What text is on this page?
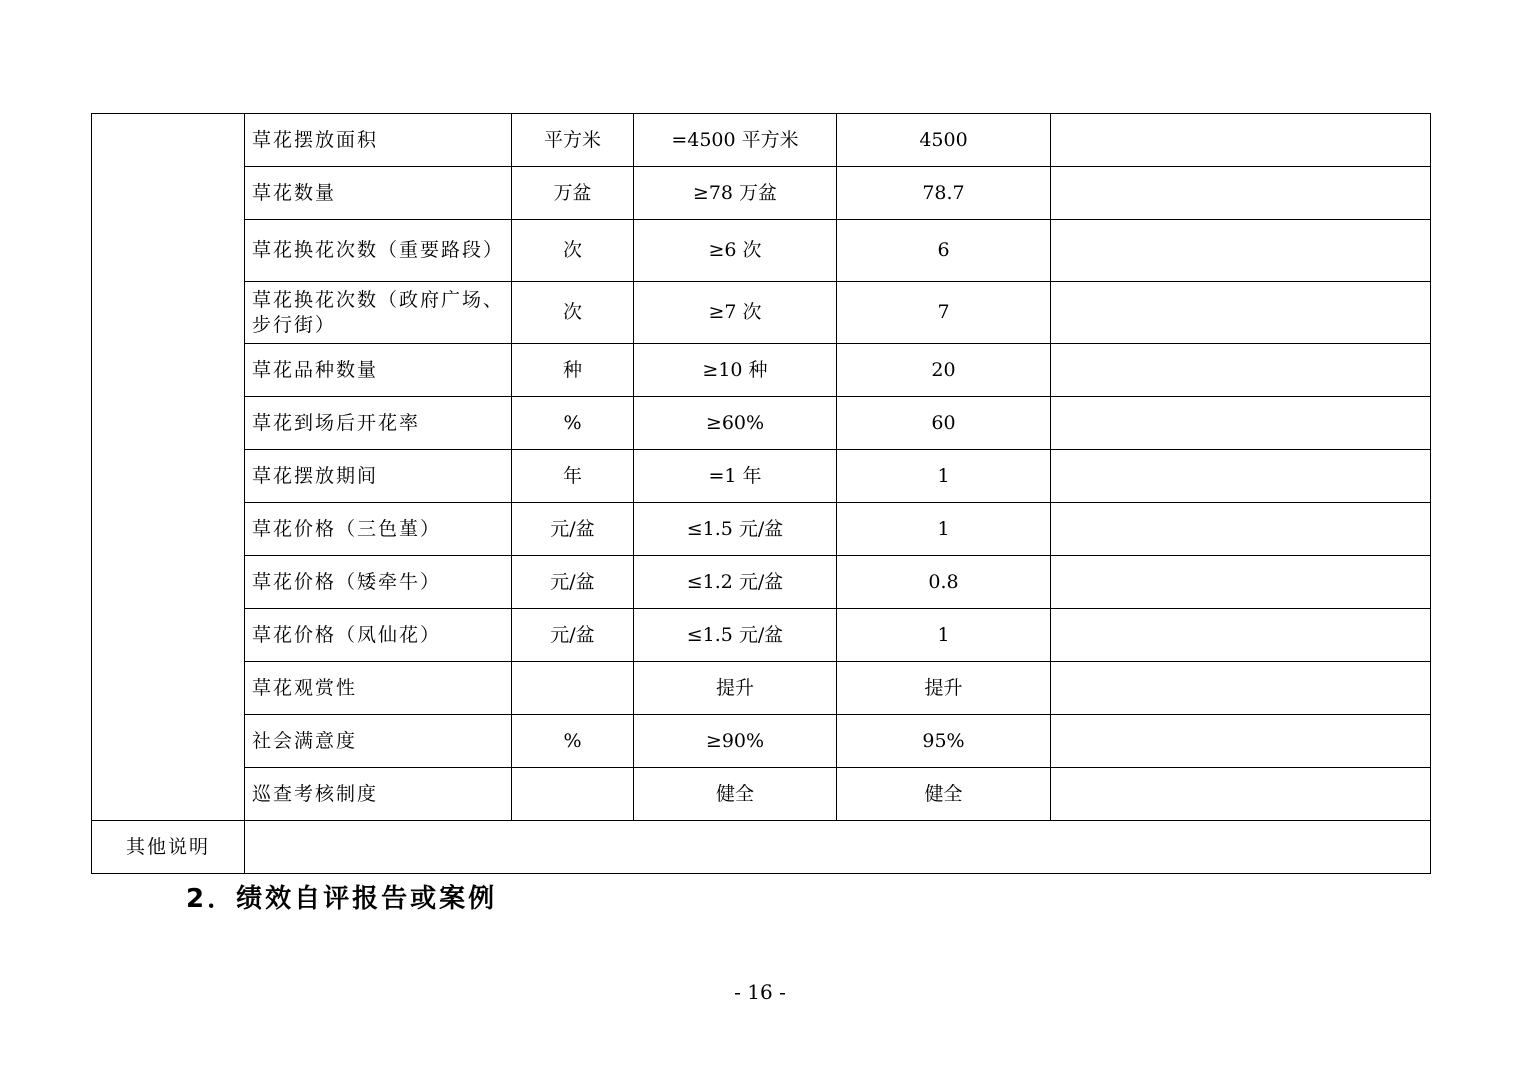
	草花摆放面积	平方米	=4500 平方米	4500	
	草花数量	万盆	≥78 万盆	78.7	
	草花换花次数（重要路段）	次	≥6 次	6	
	草花换花次数（政府广场、步行街）	次	≥7 次	7	
	草花品种数量	种	≥10 种	20	
	草花到场后开花率	%	≥60%	60	
	草花摆放期间	年	=1 年	1	
	草花价格（三色堇）	元/盆	≤1.5 元/盆	1	
	草花价格（矮牵牛）	元/盆	≤1.2 元/盆	0.8	
	草花价格（凤仙花）	元/盆	≤1.5 元/盆	1	
	草花观赏性		提升	提升	
	社会满意度	%	≥90%	95%	
	巡查考核制度		健全	健全	
其他说明					
2．绩效自评报告或案例
- 16 -
